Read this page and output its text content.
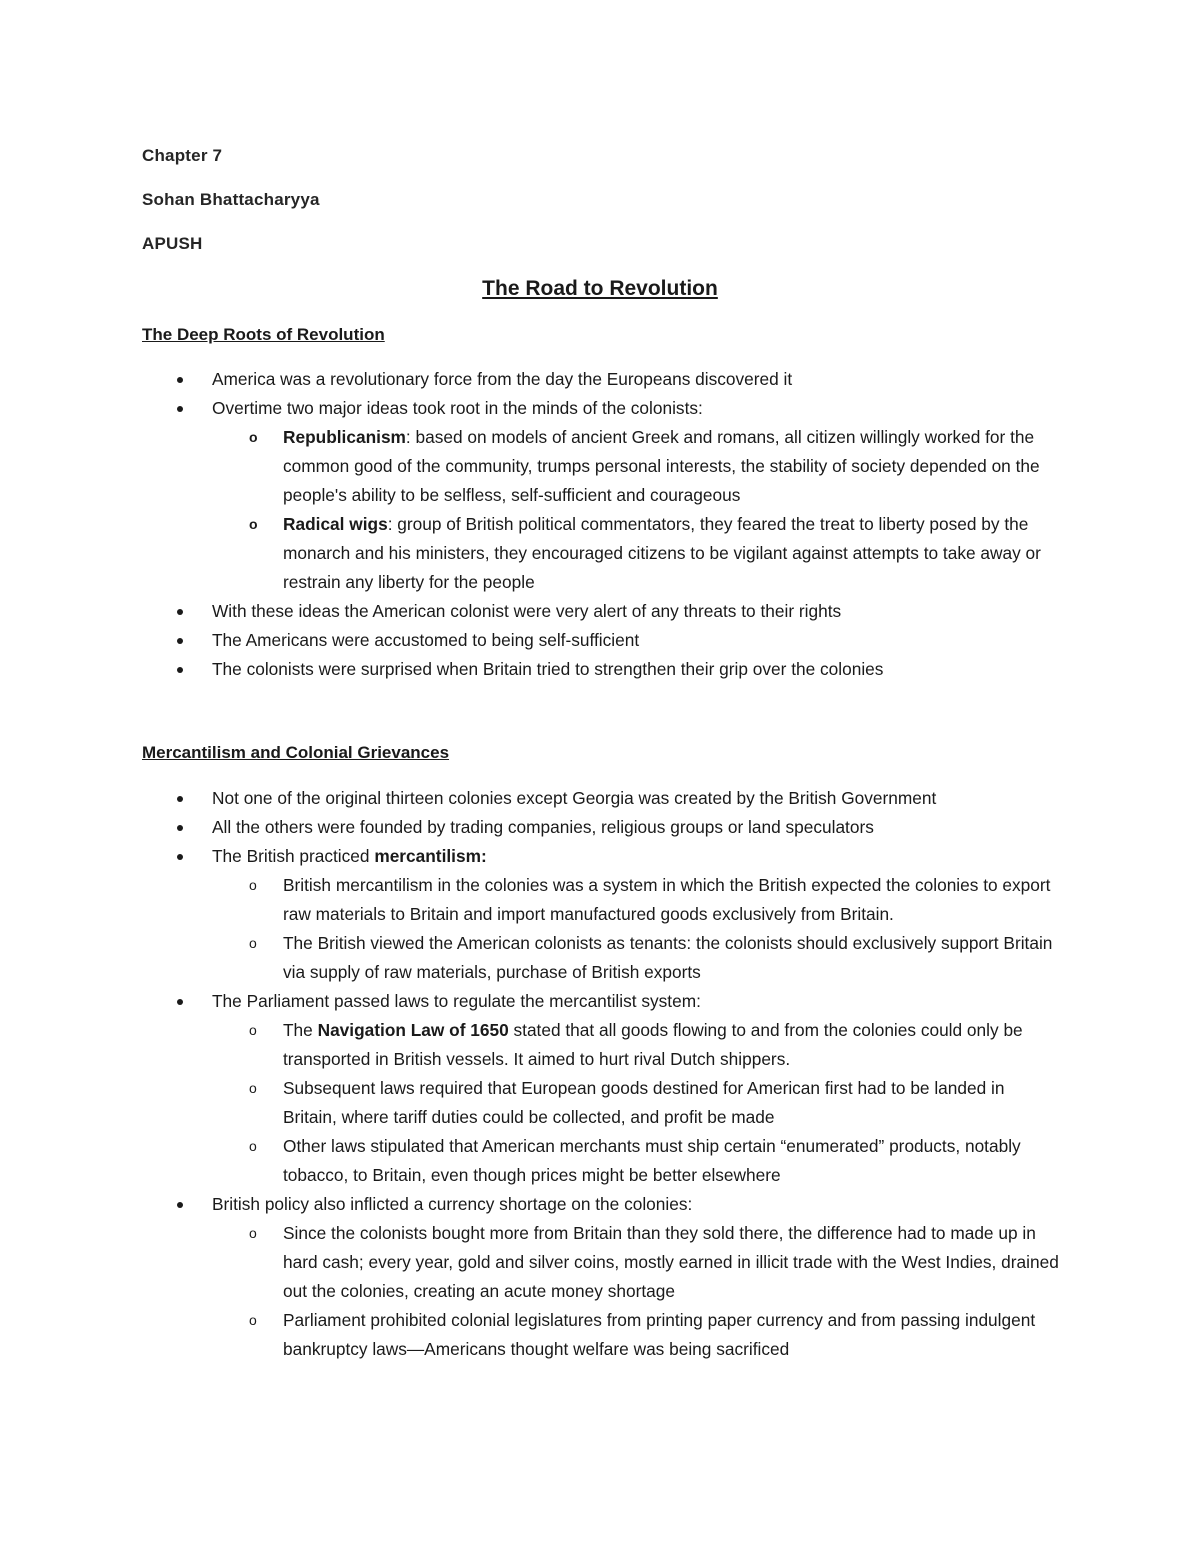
Chapter 7
Sohan Bhattacharyya
APUSH
The Road to Revolution
The Deep Roots of Revolution
America was a revolutionary force from the day the Europeans discovered it
Overtime two major ideas took root in the minds of the colonists:
o Republicanism: based on models of ancient Greek and romans, all citizen willingly worked for the common good of the community, trumps personal interests, the stability of society depended on the people's ability to be selfless, self-sufficient and courageous
o Radical wigs: group of British political commentators, they feared the treat to liberty posed by the monarch and his ministers, they encouraged citizens to be vigilant against attempts to take away or restrain any liberty for the people
With these ideas the American colonist were very alert of any threats to their rights
The Americans were accustomed to being self-sufficient
The colonists were surprised when Britain tried to strengthen their grip over the colonies
Mercantilism and Colonial Grievances
Not one of the original thirteen colonies except Georgia was created by the British Government
All the others were founded by trading companies, religious groups or land speculators
The British practiced mercantilism:
o British mercantilism in the colonies was a system in which the British expected the colonies to export raw materials to Britain and import manufactured goods exclusively from Britain.
o The British viewed the American colonists as tenants: the colonists should exclusively support Britain via supply of raw materials, purchase of British exports
The Parliament passed laws to regulate the mercantilist system:
o The Navigation Law of 1650 stated that all goods flowing to and from the colonies could only be transported in British vessels. It aimed to hurt rival Dutch shippers.
o Subsequent laws required that European goods destined for American first had to be landed in Britain, where tariff duties could be collected, and profit be made
o Other laws stipulated that American merchants must ship certain “enumerated” products, notably tobacco, to Britain, even though prices might be better elsewhere
British policy also inflicted a currency shortage on the colonies:
o Since the colonists bought more from Britain than they sold there, the difference had to made up in hard cash; every year, gold and silver coins, mostly earned in illicit trade with the West Indies, drained out the colonies, creating an acute money shortage
o Parliament prohibited colonial legislatures from printing paper currency and from passing indulgent bankruptcy laws—Americans thought welfare was being sacrificed
